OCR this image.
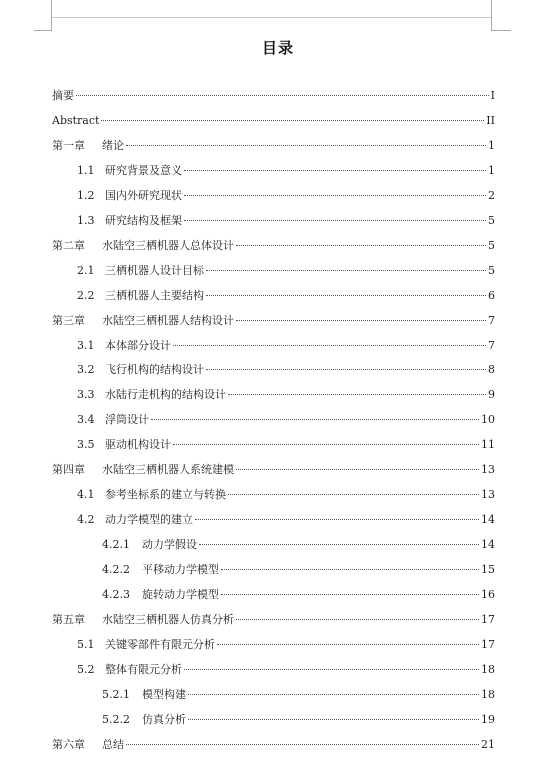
目录
摘要	I
Abstract	II
第一章	绪论	1
1.1 研究背景及意义	1
1.2 国内外研究现状	2
1.3 研究结构及框架	5
第二章	水陆空三栖机器人总体设计	5
2.1 三栖机器人设计目标	5
2.2 三栖机器人主要结构	6
第三章	水陆空三栖机器人结构设计	7
3.1 本体部分设计	7
3.2 飞行机构的结构设计	8
3.3 水陆行走机构的结构设计	9
3.4 浮筒设计	10
3.5 驱动机构设计	11
第四章	水陆空三栖机器人系统建模	13
4.1 参考坐标系的建立与转换	13
4.2 动力学模型的建立	14
4.2.1	动力学假设	14
4.2.2	平移动力学模型	15
4.2.3	旋转动力学模型	16
第五章	水陆空三栖机器人仿真分析	17
5.1 关键零部件有限元分析	17
5.2 整体有限元分析	18
5.2.1	模型构建	18
5.2.2	仿真分析	19
第六章	总结	21
